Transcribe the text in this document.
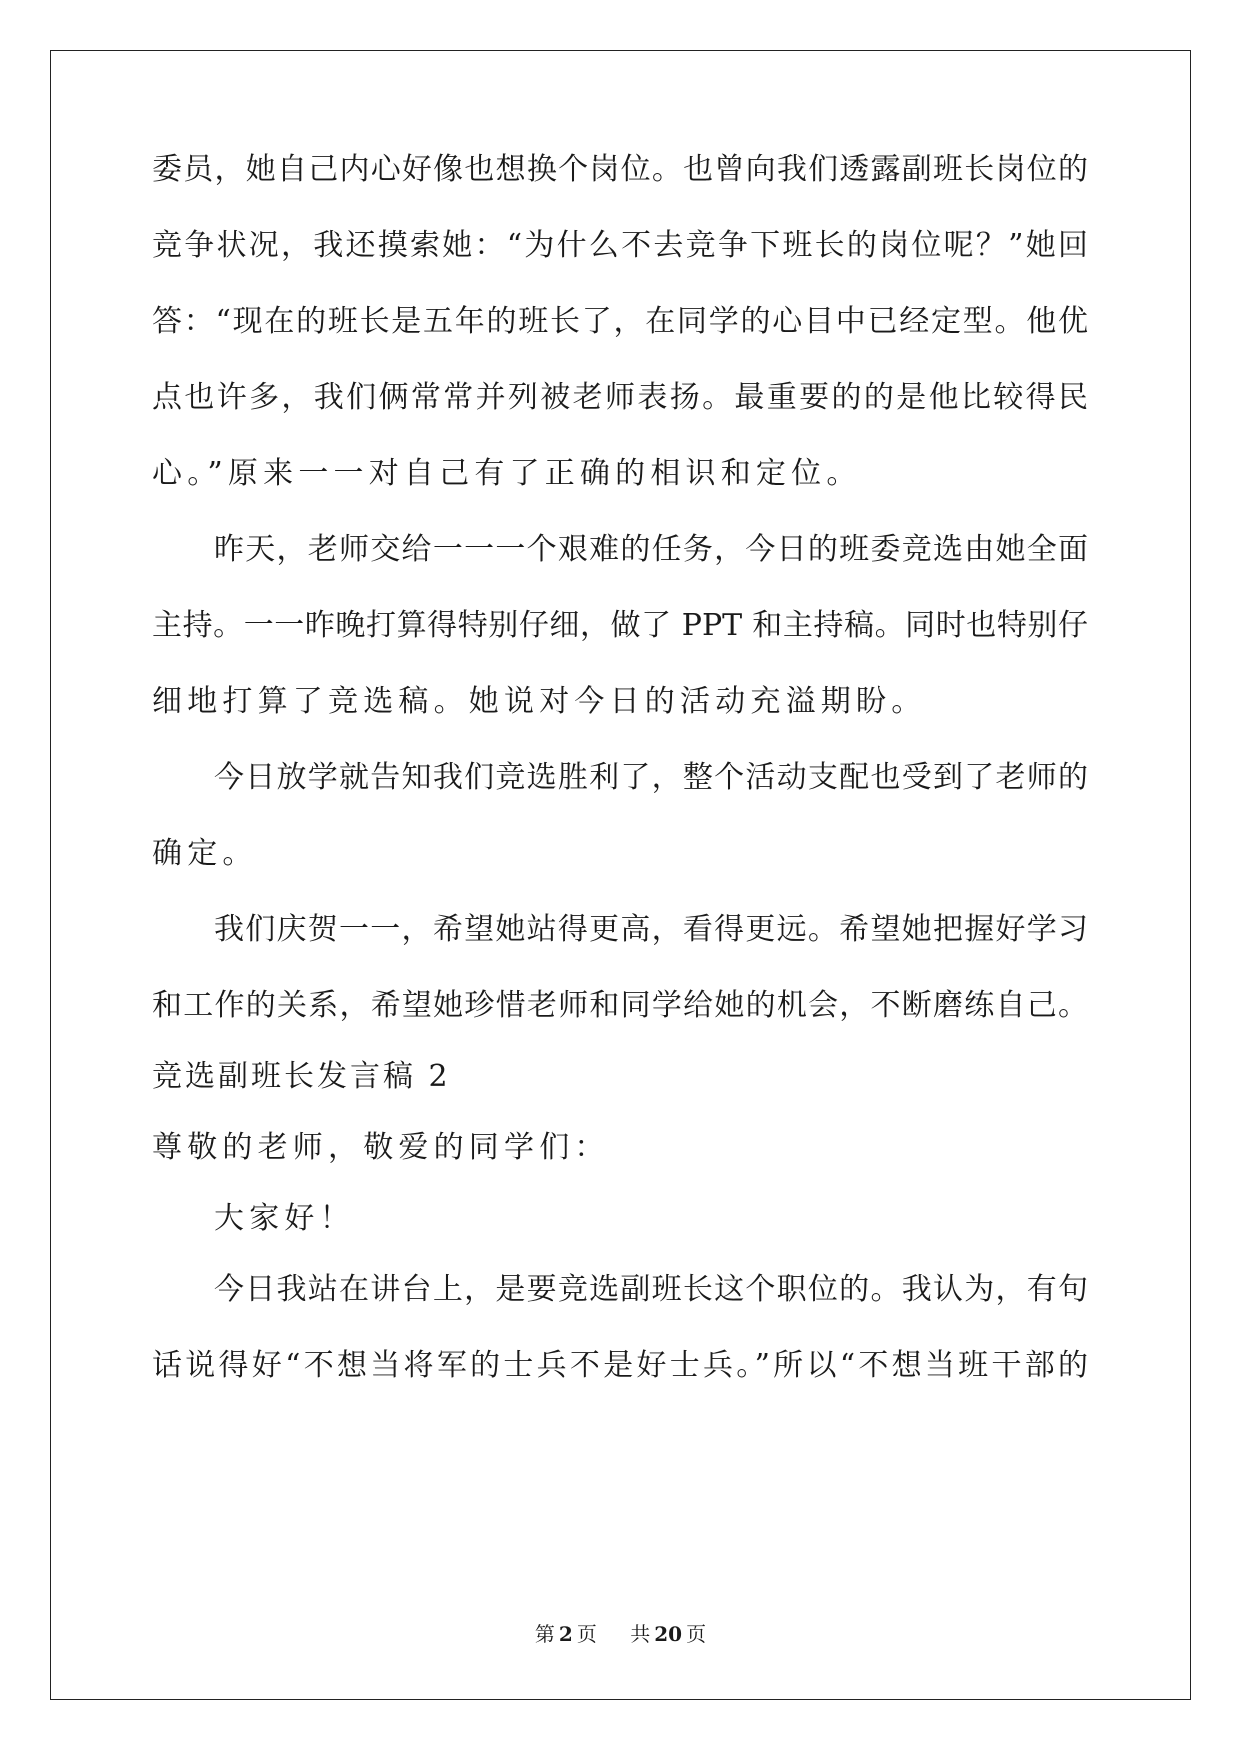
委员，她自己内心好像也想换个岗位。也曾向我们透露副班长岗位的
竞争状况，我还摸索她：“为什么不去竞争下班长的岗位呢？”她回
答：“现在的班长是五年的班长了，在同学的心目中已经定型。他优
点也许多，我们俩常常并列被老师表扬。最重要的的是他比较得民
心。”原来一一对自己有了正确的相识和定位。
昨天，老师交给一一一个艰难的任务，今日的班委竞选由她全面
主持。一一昨晚打算得特别仔细，做了 PPT 和主持稿。同时也特别仔
细地打算了竞选稿。她说对今日的活动充溢期盼。
今日放学就告知我们竞选胜利了，整个活动支配也受到了老师的
确定。
我们庆贺一一，希望她站得更高，看得更远。希望她把握好学习
和工作的关系，希望她珍惜老师和同学给她的机会，不断磨练自己。
竞选副班长发言稿 2
尊敬的老师，敬爱的同学们：
大家好！
今日我站在讲台上，是要竞选副班长这个职位的。我认为，有句
话说得好“不想当将军的士兵不是好士兵。”所以“不想当班干部的
第 2 页 共 20 页
